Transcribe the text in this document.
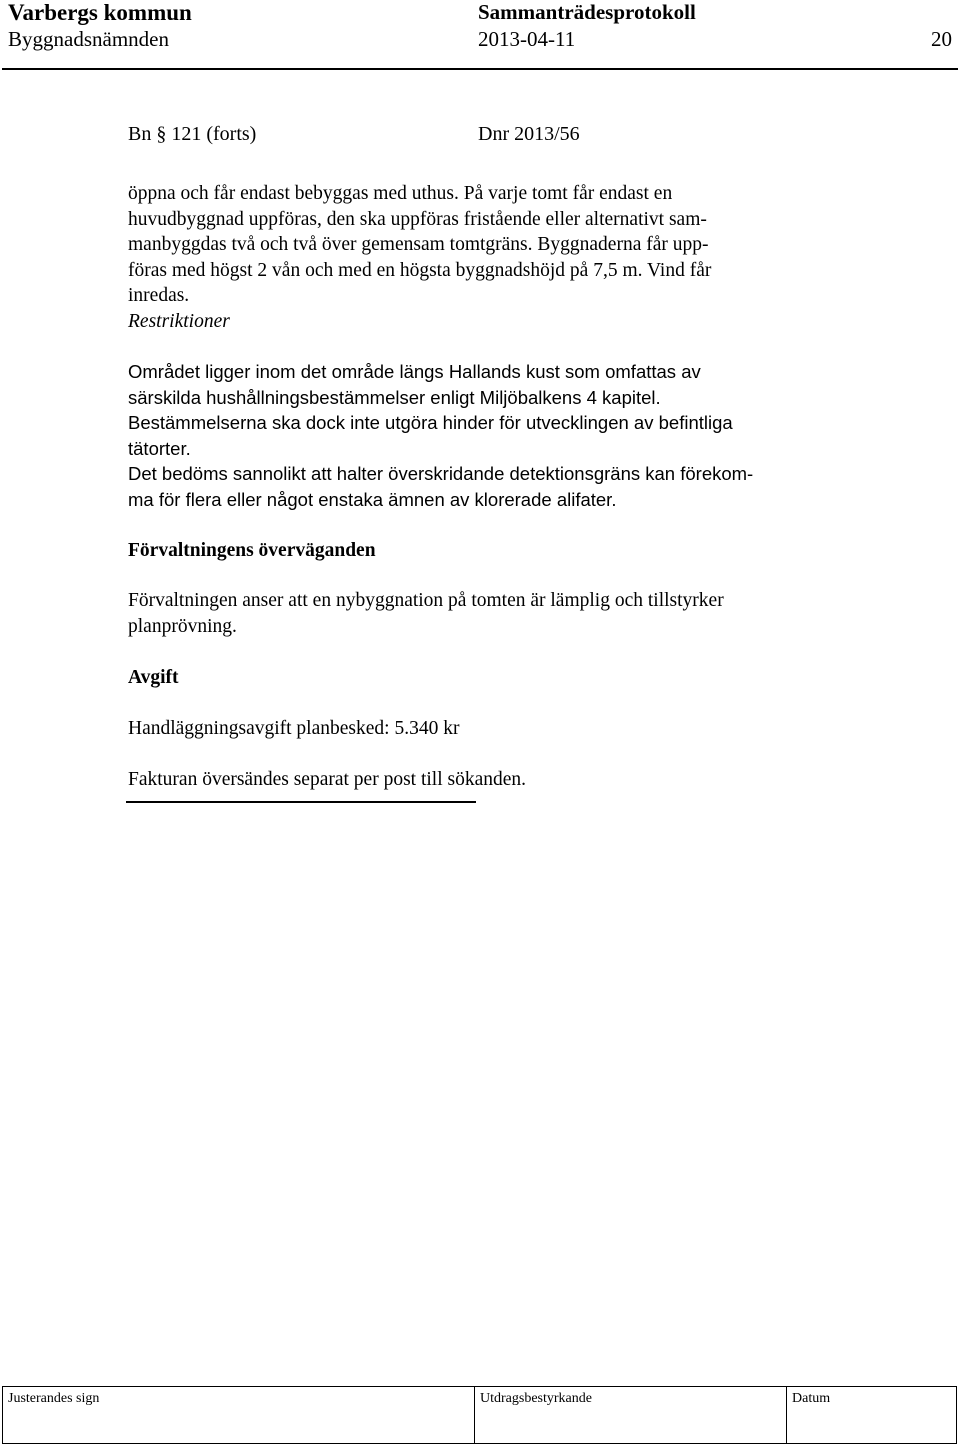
Varbergs kommun	Sammanträdesprotokoll
Byggnadsnämnden	2013-04-11	20
Bn § 121 (forts)	Dnr 2013/56
öppna och får endast bebyggas med uthus. På varje tomt får endast en
huvudbyggnad uppföras, den ska uppföras fristående eller alternativt sam-
manbyggdas två och två över gemensam tomtgräns. Byggnaderna får upp-
föras med högst 2 vån och med en högsta byggnadshöjd på 7,5 m. Vind får
inredas.
Restriktioner
Området ligger inom det område längs Hallands kust som omfattas av
särskilda hushållningsbestämmelser enligt Miljöbalkens 4 kapitel.
Bestämmelserna ska dock inte utgöra hinder för utvecklingen av befintliga
tätorter.
Det bedöms sannolikt att halter överskridande detektionsgräns kan förekom-
ma för flera eller något enstaka ämnen av klorerade alifater.
Förvaltningens överväganden
Förvaltningen anser att en nybyggnation på tomten är lämplig och tillstyrker
planprövning.
Avgift
Handläggningsavgift planbesked: 5.340 kr
Fakturan översändes separat per post till sökanden.
Justerandes sign	Utdragsbestyrkande	Datum
